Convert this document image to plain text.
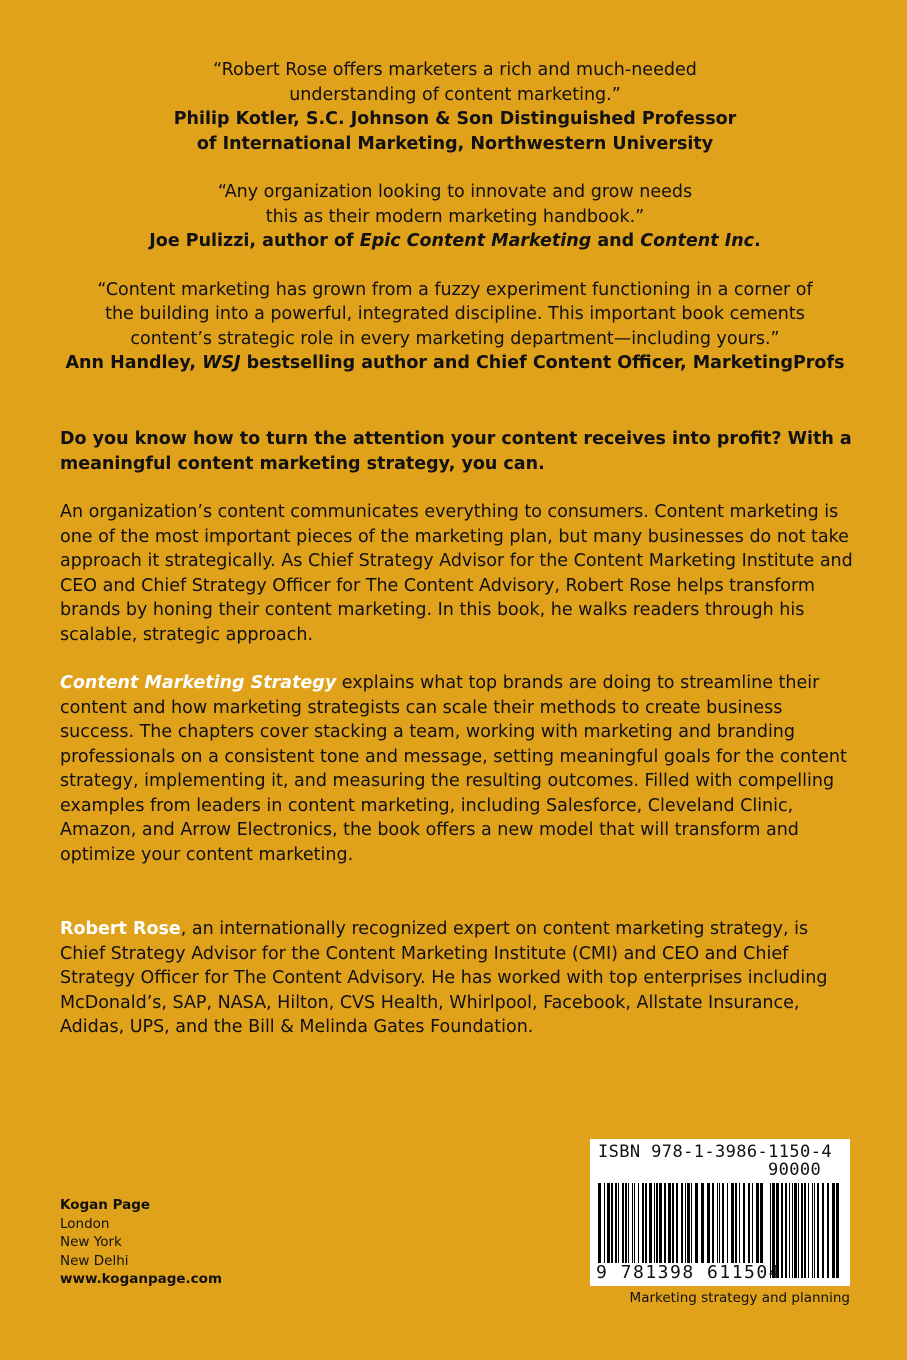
“Robert Rose offers marketers a rich and much-needed

understanding of content marketing.”

Philip Kotler, S.C. Johnson & Son Distinguished Professor

of International Marketing, Northwestern University

“Any organization looking to innovate and grow needs

this as their modern marketing handbook.”

Joe Pulizzi, author of Epic Content Marketing and Content Inc.

“Content marketing has grown from a fuzzy experiment functioning in a corner of

the building into a powerful, integrated discipline. This important book cements

content’s strategic role in every marketing department—including yours.”

Ann Handley, WSJ bestselling author and Chief Content Officer, MarketingProfs

Do you know how to turn the attention your content receives into profit? With a meaningful content marketing strategy, you can.

An organization’s content communicates everything to consumers. Content marketing is one of the most important pieces of the marketing plan, but many businesses do not take approach it strategically. As Chief Strategy Advisor for the Content Marketing Institute and CEO and Chief Strategy Officer for The Content Advisory, Robert Rose helps transform brands by honing their content marketing. In this book, he walks readers through his scalable, strategic approach.

Content Marketing Strategy explains what top brands are doing to streamline their content and how marketing strategists can scale their methods to create business success. The chapters cover stacking a team, working with marketing and branding professionals on a consistent tone and message, setting meaningful goals for the content strategy, implementing it, and measuring the resulting outcomes. Filled with compelling examples from leaders in content marketing, including Salesforce, Cleveland Clinic, Amazon, and Arrow Electronics, the book offers a new model that will transform and optimize your content marketing.

Robert Rose, an internationally recognized expert on content marketing strategy, is Chief Strategy Advisor for the Content Marketing Institute (CMI) and CEO and Chief Strategy Officer for The Content Advisory. He has worked with top enterprises including McDonald’s, SAP, NASA, Hilton, CVS Health, Whirlpool, Facebook, Allstate Insurance, Adidas, UPS, and the Bill & Melinda Gates Foundation.

Kogan Page
London
New York
New Delhi
www.koganpage.com
ISBN 978-1-3986-1150-4
90000
9 781398 611504
Marketing strategy and planning
